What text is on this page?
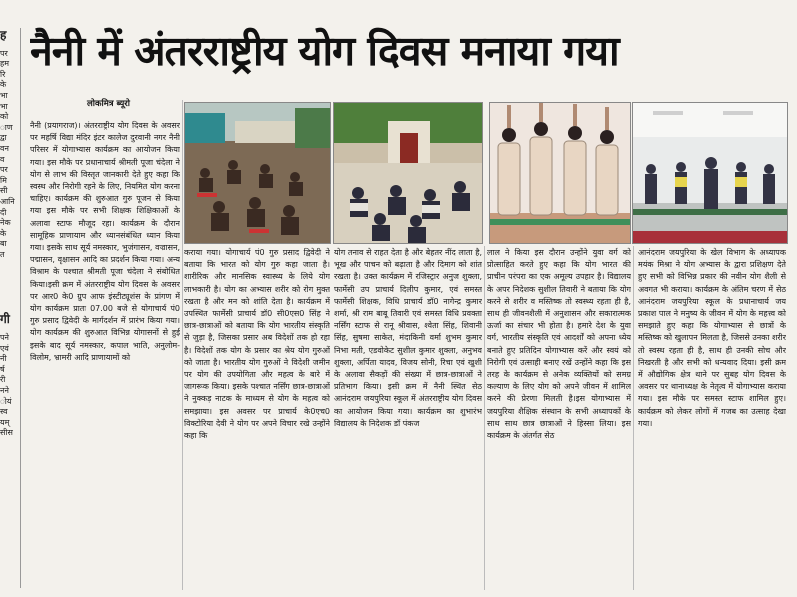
ह
पर
हम
रि
के
भा
भा
को
ाण
द्वा
वन
व
पर
मि
सी
आनि
दी
नेक
के
बा
त
गी
पने
एवं
नी
र्ष
री
नने
ोयं
स्व
यम्
सीस
नैनी में अंतरराष्ट्रीय योग दिवस मनाया गया
लोकमित्र ब्यूरो

नैनी (प्रयागराज)। अंतरराष्ट्रीय योग दिवस के अवसर पर महर्षि विद्या मंदिर इंटर कालेज दुरवानी नगर नैनी परिसर में योगाभ्यास कार्यक्रम का आयोजन किया गया। इस मौके पर प्रधानाचार्य श्रीमती पूजा चंदेला ने योग से लाभ की विस्तृत जानकारी देते हुए कहा कि स्वस्थ और निरोगी रहने के लिए, नियमित योग करना चाहिए। कार्यक्रम की शुरुआत गुरु पूजन से किया गया इस मौके पर सभी शिक्षक शिक्षिकाओं के अलावा स्टाफ मौजूद रहा। कार्यक्रम के दौरान सामूहिक प्राणायाम और ध्यानसंबंधित ध्यान किया गया। इसके साथ सूर्य नमस्कार, भुजंगासन, वज्रासन, पद्मासन, वृक्षासन आदि का प्रदर्शन किया गया। अन्य विश्राम के पश्चात श्रीमती पूजा चंदेला ने संबोधित किया।इसी क्रम में अंतरराष्ट्रीय योग दिवस के अवसर पर आर0 के0 ग्रुप आफ इंस्टीट्यूशंस के प्रांगण में योग कार्यक्रम प्रातः 07.00 बजे से योगाचार्य पं0 गुरु प्रसाद द्विवेदी के मार्गदर्शन में प्रारंभ किया गया। योग कार्यक्रम की शुरुआत विभिन्न योगासनों से हुई इसके बाद सूर्य नमस्कार, कपाल भाति, अनुलोम-विलोम, भ्रामरी आदि प्राणायामों को

कराया गया। योगाचार्य पं0 गुरु प्रसाद द्विवेदी ने बताया कि भारत को योग गुरु कहा जाता है। शारीरिक और मानसिक स्वास्थ्य के लिये योग लाभकारी है। योग का अभ्यास शरीर को रोग मुक्त रखता है और मन को शांति देता है। कार्यक्रम में उपस्थित फार्मेसी प्राचार्य डॉ0 सी0एस0 सिंह ने छात्र-छात्राओं को बताया कि योग भारतीय संस्कृति से जुड़ा है, जिसका प्रसार अब विदेशों तक हो रहा है। विदेशों तक योग के प्रसार का श्रेय योग गुरुओं को जाता है। भारतीय योग गुरुओं ने विदेशी जमीन पर योग की उपयोगिता और महत्व के बारे में जागरूक किया। इसके पश्चात नर्सिंग छात्र-छात्राओं ने नुक्कड़ नाटक के माध्यम से योग के महत्व को समझाया। इस अवसर पर प्राचार्य के0एच0 विक्टोरिया देवी ने योग पर अपने विचार रखे उन्होंने कहा कि

योग तनाव से राहत देता है और बेहतर नींद लाता है, भूख और पाचन को बढ़ाता है और दिमाग को शांत रखता है। उक्त कार्यक्रम में रजिस्ट्रार अनुज शुक्ला, फार्मेसी उप प्राचार्य दिलीप कुमार, एवं समस्त फार्मेसी शिक्षक, विधि प्राचार्य डॉ0 नागेन्द्र कुमार शर्मा, श्री राम बाबू तिवारी एवं समस्त विधि प्रवक्ता नर्सिंग स्टाफ से रानू श्रीवास, श्वेता सिंह, शिवानी सिंह, सुषमा साकेत, मंदाकिनी वर्मा शुभम कुमार निभा मती, एडवोकेट सुशील कुमार शुक्ला, अनुभव शुक्ला, अर्पिता यादव, विजय सोनी, रिचा एवं खुशी के अलावा सैकड़ों की संख्या में छात्र-छात्राओं ने प्रतिभाग किया। इसी क्रम में नैनी स्थित सेठ आनंदराम जयपुरिया स्कूल में अंतरराष्ट्रीय योग दिवस का आयोजन किया गया। कार्यक्रम का शुभारंभ विद्यालय के निदेशक डॉ पंकज

लाल ने किया इस दौरान उन्होंने युवा वर्ग को प्रोत्साहित करते हुए कहा कि योग भारत की प्राचीन परंपरा का एक अमूल्य उपहार है। विद्यालय के अपर निदेशक सुशील तिवारी ने बताया कि योग करने से शरीर व मस्तिष्क तो स्वस्थ्य रहता ही है, साथ ही जीवनशैली में अनुशासन और सकारात्मक ऊर्जा का संचार भी होता है। हमारे देश के युवा वर्ग, भारतीय संस्कृति एवं आदर्शों को अपना ध्येय बनाते हुए प्रतिदिन योगाभ्यास करें और स्वयं को निरोगी एवं उत्साही बनाए रखें उन्होंने कहा कि इस तरह के कार्यक्रम से अनेक व्यक्तियों को समग्र कल्याण के लिए योग को अपने जीवन में शामिल करने की प्रेरणा मिलती है।इस योगाभ्यास में जयपुरिया शैक्षिक संस्थान के सभी अध्यापकों के साथ साथ छात्र छात्राओं ने हिस्सा लिया। इस कार्यक्रम के अंतर्गत सेठ

आनंदराम जयपुरिया के खेल विभाग के अध्यापक मयंक मिश्रा ने योग अभ्यास के द्वारा प्रशिक्षण देते हुए सभी को विभिन्न प्रकार की नवीन योग शैली से अवगत भी कराया। कार्यक्रम के अंतिम चरण में सेठ आनंदराम जयपुरिया स्कूल के प्रधानाचार्य जय प्रकाश पाल ने मनुष्य के जीवन में योग के महत्त्व को समझाते हुए कहा कि योगाभ्यास से छात्रों के मस्तिष्क को खुलापन मिलता है, जिससे उनका शरीर तो स्वस्थ रहता ही है, साथ ही उनकी सोच और निखरती है और सभी को धन्यवाद दिया। इसी क्रम में औद्योगिक क्षेत्र थाने पर सुबह योग दिवस के अवसर पर थानाध्यक्ष के नेतृत्व में योगाभ्यास कराया गया। इस मौके पर समस्त स्टाफ शामिल हुए। कार्यक्रम को लेकर लोगों में गजब का उत्साह देखा गया।
